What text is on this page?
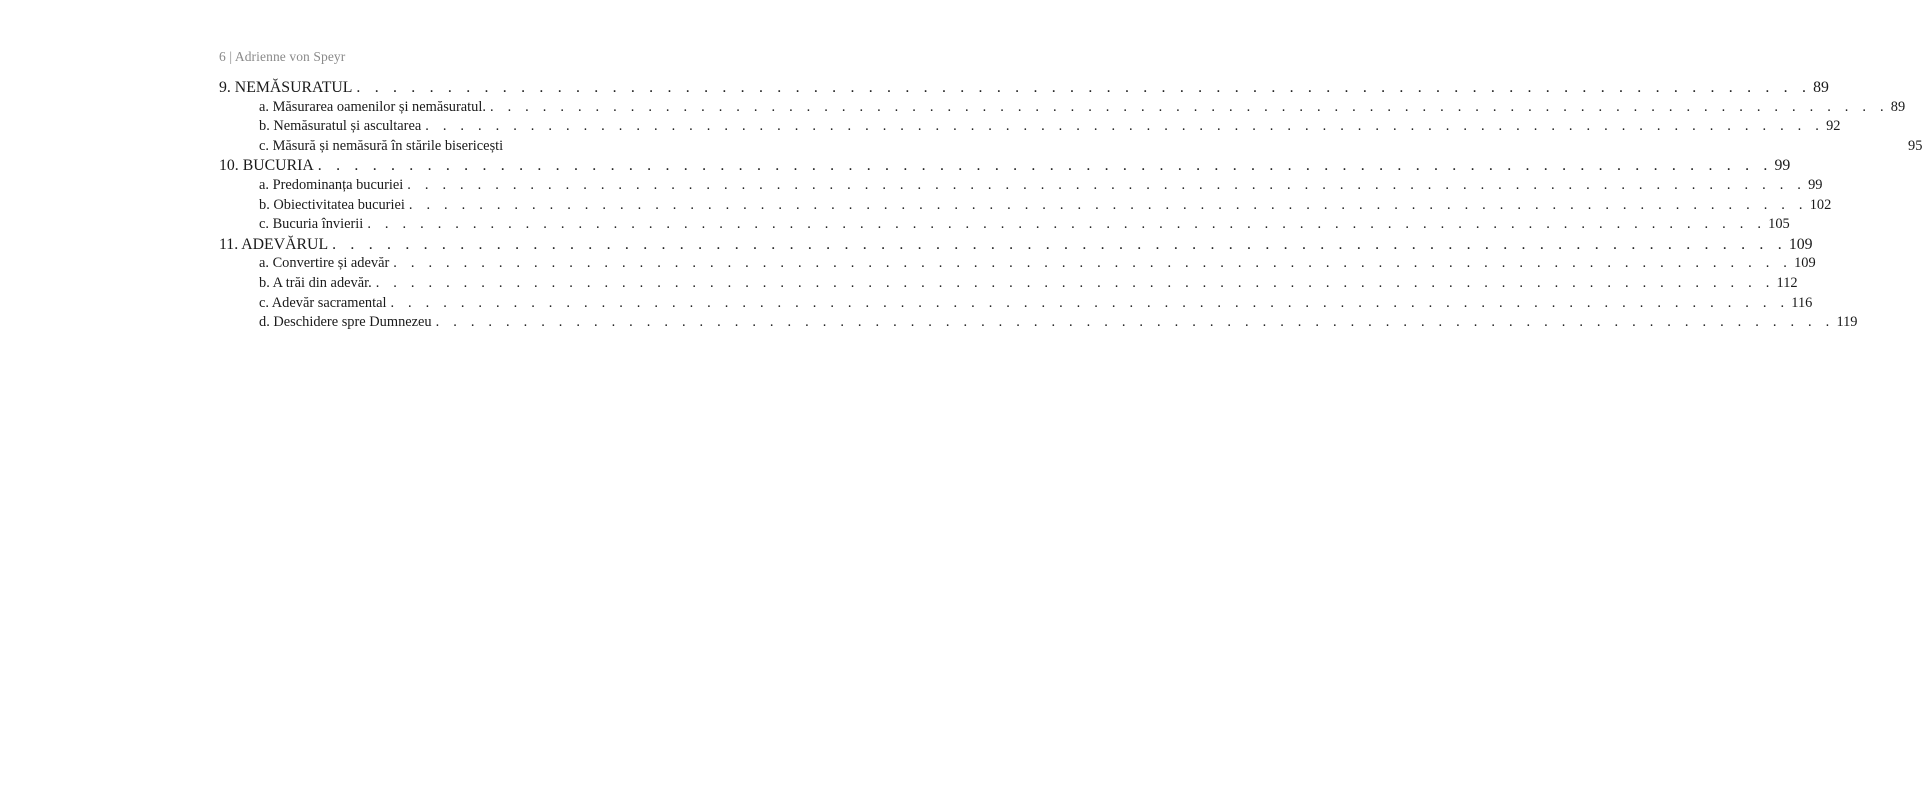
6 | Adrienne von Speyr
9. NEMĂSURATUL . . . . . . . . . . . . . . . . . . . . . . . . . . . . . . . . . . . . . . . . . . . . . . . . . . . . . . . . . . . . . . . . . . . . . . . . . . . . . . . . 89
a. Măsurarea oamenilor și nemăsuratul. . . . . . . . . . . . . . . . . . . . . . . . . . . . . . . . . . . . . . . . . . . . . . . . . . . . . . . . . . . . . . . . . . . . . . . . . . . . . . . . . 89
b. Nemăsuratul și ascultarea . . . . . . . . . . . . . . . . . . . . . . . . . . . . . . . . . . . . . . . . . . . . . . . . . . . . . . . . . . . . . . . . . . . . . . . . . . . . . . . . 92
c. Măsură și nemăsură în stările bisericești	95
10. BUCURIA . . . . . . . . . . . . . . . . . . . . . . . . . . . . . . . . . . . . . . . . . . . . . . . . . . . . . . . . . . . . . . . . . . . . . . . . . . . . . . . . 99
a. Predominanța bucuriei . . . . . . . . . . . . . . . . . . . . . . . . . . . . . . . . . . . . . . . . . . . . . . . . . . . . . . . . . . . . . . . . . . . . . . . . . . . . . . . . 99
b. Obiectivitatea bucuriei . . . . . . . . . . . . . . . . . . . . . . . . . . . . . . . . . . . . . . . . . . . . . . . . . . . . . . . . . . . . . . . . . . . . . . . . . . . . . . . . 102
c. Bucuria învierii . . . . . . . . . . . . . . . . . . . . . . . . . . . . . . . . . . . . . . . . . . . . . . . . . . . . . . . . . . . . . . . . . . . . . . . . . . . . . . . . 105
11. ADEVĂRUL . . . . . . . . . . . . . . . . . . . . . . . . . . . . . . . . . . . . . . . . . . . . . . . . . . . . . . . . . . . . . . . . . . . . . . . . . . . . . . . . 109
a. Convertire și adevăr . . . . . . . . . . . . . . . . . . . . . . . . . . . . . . . . . . . . . . . . . . . . . . . . . . . . . . . . . . . . . . . . . . . . . . . . . . . . . . . . 109
b. A trăi din adevăr. . . . . . . . . . . . . . . . . . . . . . . . . . . . . . . . . . . . . . . . . . . . . . . . . . . . . . . . . . . . . . . . . . . . . . . . . . . . . . . . . 112
c. Adevăr sacramental . . . . . . . . . . . . . . . . . . . . . . . . . . . . . . . . . . . . . . . . . . . . . . . . . . . . . . . . . . . . . . . . . . . . . . . . . . . . . . . . 116
d. Deschidere spre Dumnezeu . . . . . . . . . . . . . . . . . . . . . . . . . . . . . . . . . . . . . . . . . . . . . . . . . . . . . . . . . . . . . . . . . . . . . . . . . . . . . . . . 119
